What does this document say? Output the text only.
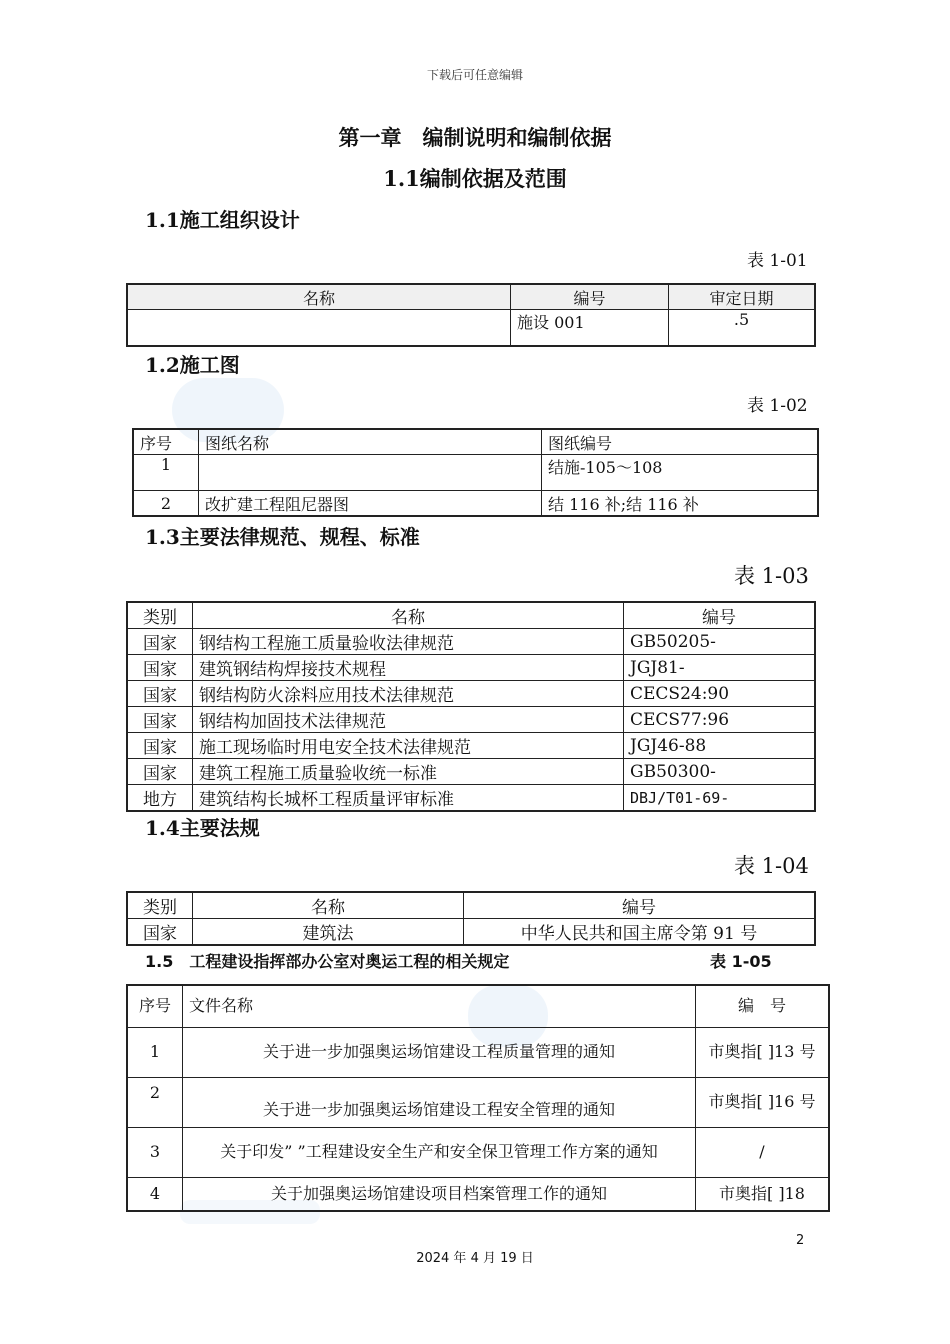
下载后可任意编辑
第一章　编制说明和编制依据
1.1编制依据及范围
1.1施工组织设计
表 1-01
名称	编号	审定日期
	施设 001	.5
1.2施工图
表 1-02
序号	图纸名称	图纸编号
1		结施-105～108
2	改扩建工程阻尼器图	结 116 补;结 116 补
1.3主要法律规范、规程、标准
表 1-03
类别	名称	编号
国家	钢结构工程施工质量验收法律规范	GB50205-
国家	建筑钢结构焊接技术规程	JGJ81-
国家	钢结构防火涂料应用技术法律规范	CECS24:90
国家	钢结构加固技术法律规范	CECS77:96
国家	施工现场临时用电安全技术法律规范	JGJ46-88
国家	建筑工程施工质量验收统一标准	GB50300-
地方	建筑结构长城杯工程质量评审标准	DBJ/T01-69-
1.4主要法规
表 1-04
类别	名称	编号
国家	建筑法	中华人民共和国主席令第 91 号
1.5　工程建设指挥部办公室对奥运工程的相关规定	表 1-05
序号	文件名称	编　号
1	关于进一步加强奥运场馆建设工程质量管理的通知	市奥指[ ]13 号
2	关于进一步加强奥运场馆建设工程安全管理的通知	市奥指[ ]16 号
3	关于印发” ”工程建设安全生产和安全保卫管理工作方案的通知	/
4	关于加强奥运场馆建设项目档案管理工作的通知	市奥指[ ]18
2
2024 年 4 月 19 日
